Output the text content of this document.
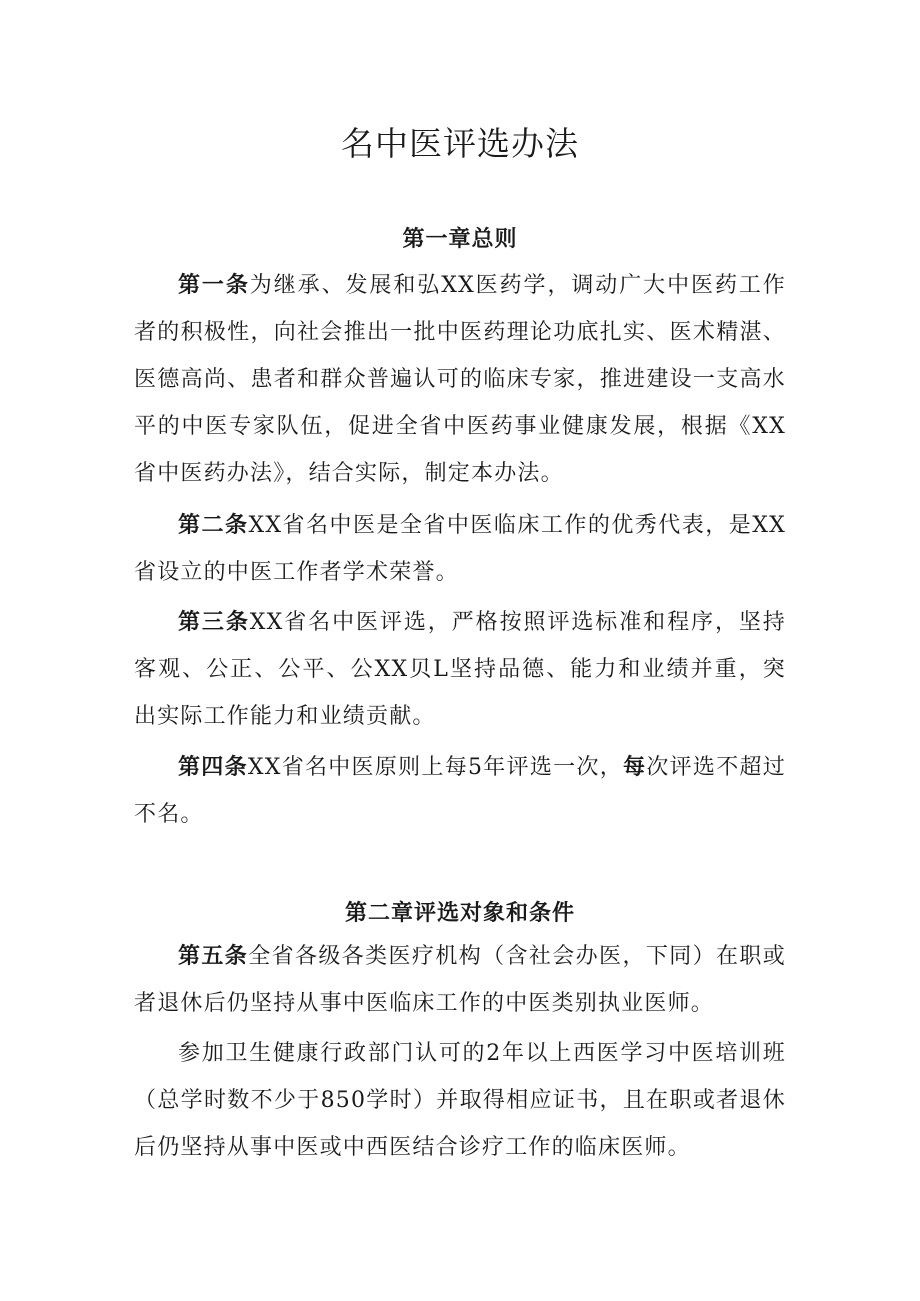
名中医评选办法
第一章总则

第一条为继承、发展和弘XX医药学，调动广大中医药工作者的积极性，向社会推出一批中医药理论功底扎实、医术精湛、医德高尚、患者和群众普遍认可的临床专家，推进建设一支高水平的中医专家队伍，促进全省中医药事业健康发展，根据《XX省中医药办法》，结合实际，制定本办法。

第二条XX省名中医是全省中医临床工作的优秀代表，是XX省设立的中医工作者学术荣誉。

第三条XX省名中医评选，严格按照评选标准和程序，坚持客观、公正、公平、公XX贝L坚持品德、能力和业绩并重，突出实际工作能力和业绩贡献。

第四条XX省名中医原则上每5年评选一次，每次评选不超过不名。

第二章评选对象和条件

第五条全省各级各类医疗机构（含社会办医，下同）在职或者退休后仍坚持从事中医临床工作的中医类别执业医师。

参加卫生健康行政部门认可的2年以上西医学习中医培训班（总学时数不少于850学时）并取得相应证书，且在职或者退休后仍坚持从事中医或中西医结合诊疗工作的临床医师。
